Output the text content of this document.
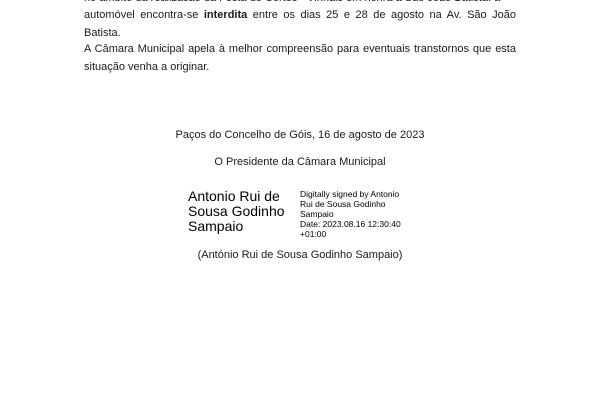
automóvel encontra-se interdita entre os dias 25 e 28 de agosto na Av. São João Batista.
A Câmara Municipal apela à melhor compreensão para eventuais transtornos que esta situação venha a originar.
Paços do Concelho de Góis, 16 de agosto de 2023
O Presidente da Câmara Municipal
Antonio Rui de
Sousa Godinho
Sampaio
Digitally signed by Antonio
Rui de Sousa Godinho
Sampaio
Date: 2023.08.16 12:30:40
+01:00
(António Rui de Sousa Godinho Sampaio)
